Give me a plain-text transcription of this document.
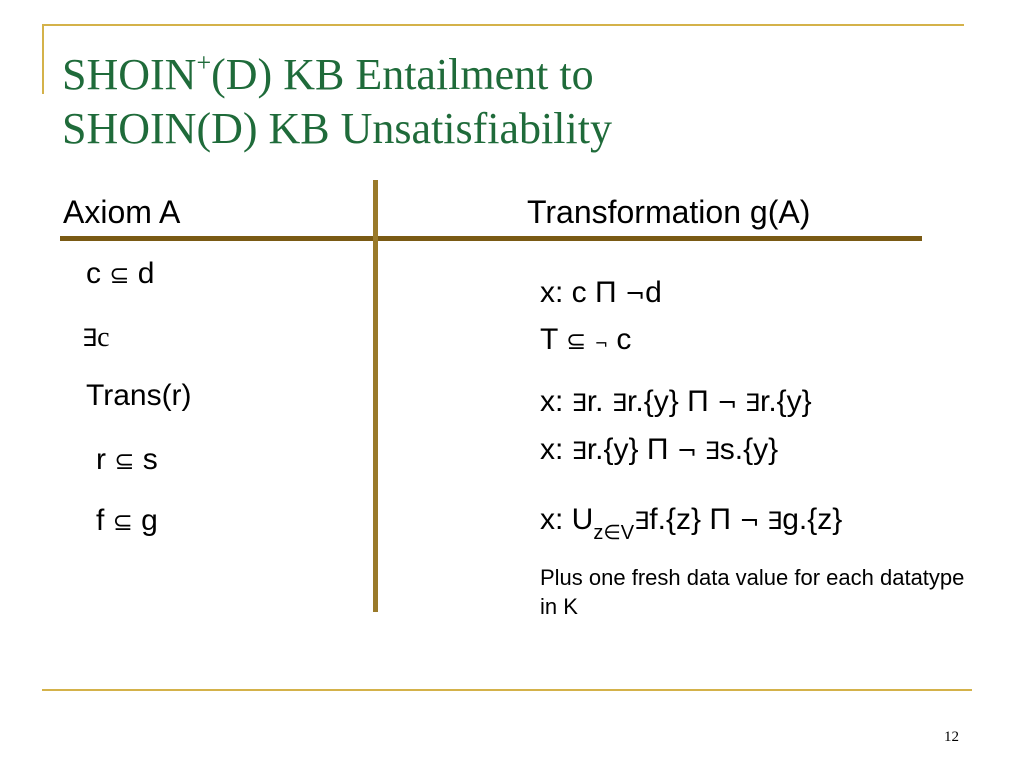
SHOIN+(D) KB Entailment to
SHOIN(D) KB Unsatisfiability
Axiom A	Transformation g(A)
c ⊆ d
∃c
Trans(r)
r ⊆ s
f ⊆ g
x: c Π ¬d
T ⊆ ¬ c
x: ∃r. ∃r.{y} Π ¬ ∃r.{y}
x: ∃r.{y} Π ¬ ∃s.{y}
x: $U_{z\in V}\exists f.\{z\}$ Π ¬ ∃g.{z}
Plus one fresh data value for each datatype in K
12
